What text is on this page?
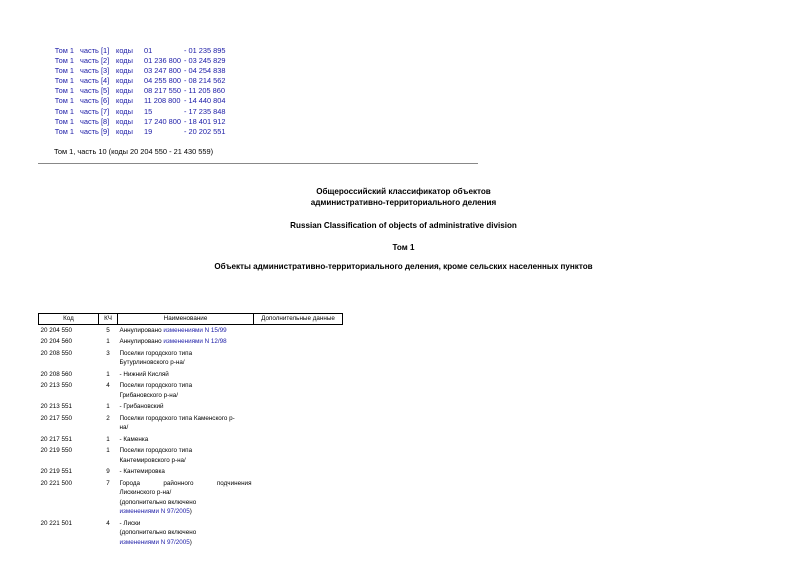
Том 1 часть [1] коды	01	- 01 235 895
Том 1 часть [2] коды	01 236 800 - 03 245 829
Том 1 часть [3] коды	03 247 800 - 04 254 838
Том 1 часть [4] коды	04 255 800 - 08 214 562
Том 1 часть [5] коды	08 217 550 - 11 205 860
Том 1 часть [6] коды	11 208 800 - 14 440 804
Том 1 часть [7] коды	15	- 17 235 848
Том 1 часть [8] коды	17 240 800 - 18 401 912
Том 1 часть [9] коды	19	- 20 202 551
Том 1, часть 10 (коды 20 204 550 - 21 430 559)
Общероссийский классификатор объектов
административно-территориального деления
Russian Classification of objects of administrative division
Том 1
Объекты административно-территориального деления, кроме сельских населенных пунктов
Код	КЧ	Наименование	Дополнительные данные
20 204 550	5	Аннулировано изменениями N 15/99	

20 204 560	1	Аннулировано изменениями N 12/98	

20 208 550	3	Поселки городского типа
Бутурлиновского р-на/	

20 208 560	1	- Нижний Кисляй	

20 213 550	4	Поселки городского типа
Грибановского р-на/	

20 213 551	1	- Грибановский	

20 217 550	2	Поселки городского типа Каменского р-
на/	

20 217 551	1	- Каменка	

20 219 550	1	Поселки городского типа
Кантемировского р-на/	

20 219 551	9	- Кантемировка	

20 221 500	7	Города районного подчинения
Лискинского р-на/
(дополнительно включено
изменениями N 97/2005)	

20 221 501	4	- Лиски
(дополнительно включено
изменениями N 97/2005)	
